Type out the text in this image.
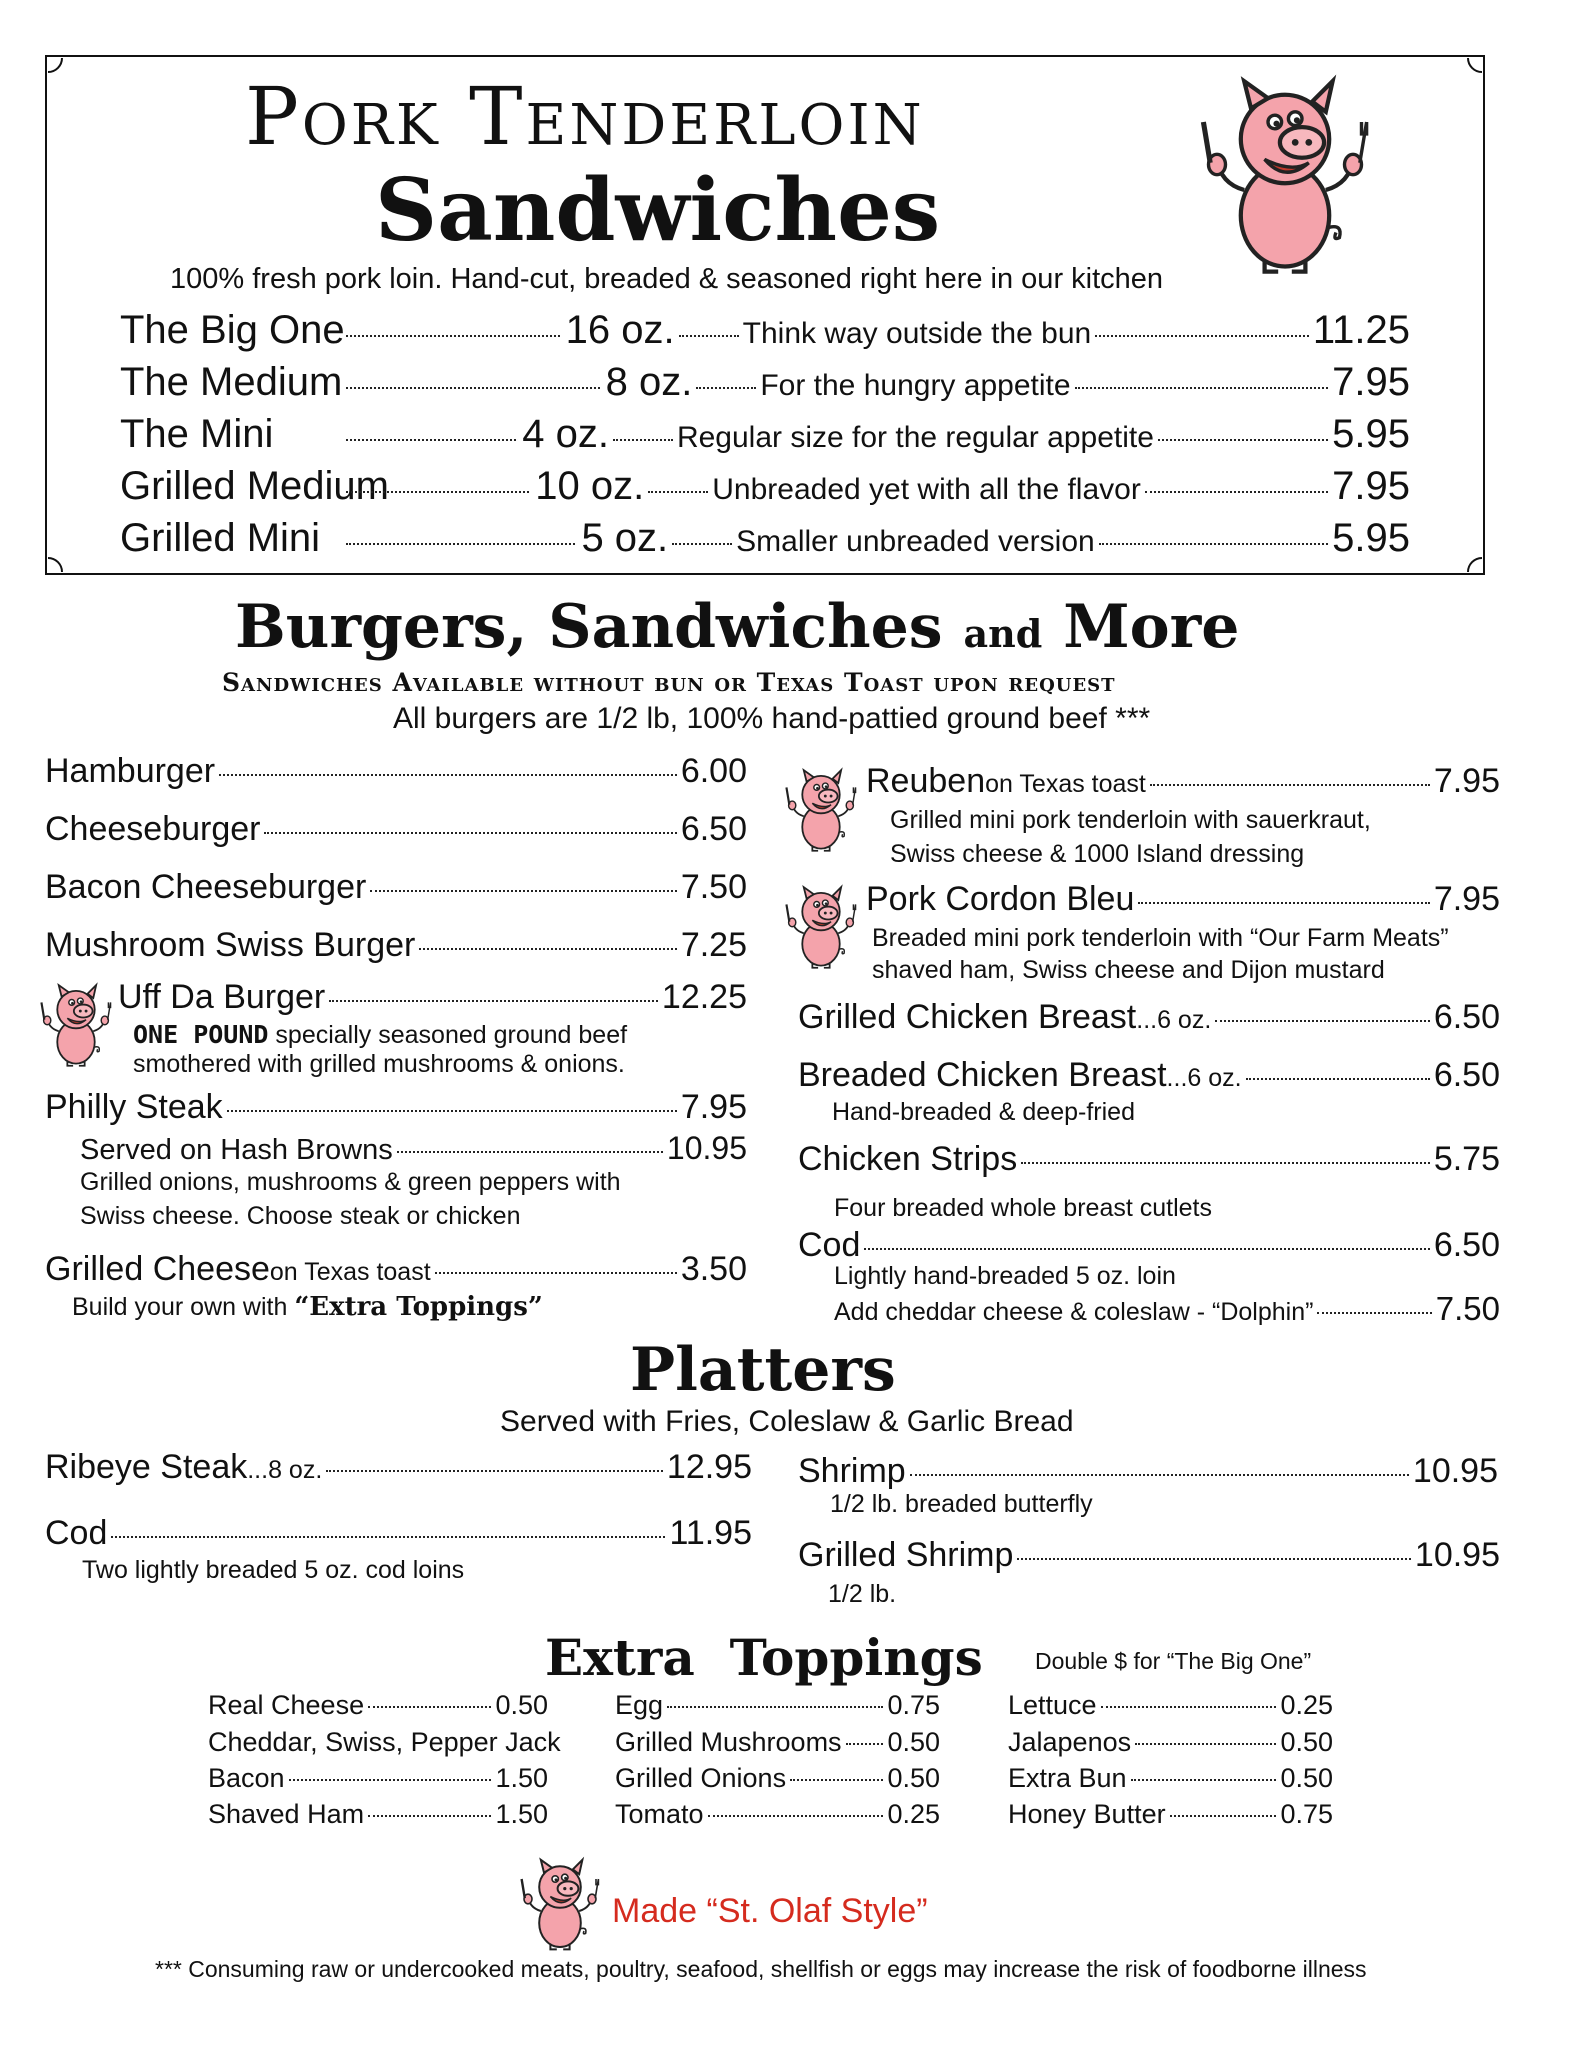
Pork Tenderloin
Sandwiches
100% fresh pork loin. Hand-cut, breaded & seasoned right here in our kitchen
The Big One	16 oz. Think way outside the bun	11.25
The Medium	8 oz. For the hungry appetite	7.95
The Mini	4 oz. Regular size for the regular appetite	5.95
Grilled Medium	10 oz. Unbreaded yet with all the flavor	7.95
Grilled Mini	5 oz. Smaller unbreaded version	5.95
Burgers, Sandwiches and More
Sandwiches Available without bun or Texas Toast upon request
All burgers are 1/2 lb, 100% hand-pattied ground beef ***
Hamburger	6.00
Cheeseburger	6.50
Bacon Cheeseburger	7.50
Mushroom Swiss Burger	7.25
Uff Da Burger	12.25
ONE POUND specially seasoned ground beef
smothered with grilled mushrooms & onions.
Philly Steak	7.95
Served on Hash Browns	10.95
Grilled onions, mushrooms & green peppers with
Swiss cheese. Choose steak or chicken
Grilled Cheese on Texas toast	3.50
Build your own with “Extra Toppings”
Reuben on Texas toast	7.95
Grilled mini pork tenderloin with sauerkraut,
Swiss cheese & 1000 Island dressing
Pork Cordon Bleu	7.95
Breaded mini pork tenderloin with “Our Farm Meats”
shaved ham, Swiss cheese and Dijon mustard
Grilled Chicken Breast ...6 oz.	6.50
Breaded Chicken Breast ...6 oz.	6.50
Hand-breaded & deep-fried
Chicken Strips	5.75
Four breaded whole breast cutlets
Cod	6.50
Lightly hand-breaded 5 oz. loin
Add cheddar cheese & coleslaw - “Dolphin”	7.50
Platters
Served with Fries, Coleslaw & Garlic Bread
Ribeye Steak ...8 oz.	12.95
Cod	11.95
Two lightly breaded 5 oz. cod loins
Shrimp	10.95
1/2 lb. breaded butterfly
Grilled Shrimp	10.95
1/2 lb.
Extra  Toppings Double $ for “The Big One”
Real Cheese	0.50
Cheddar, Swiss, Pepper Jack
Bacon	1.50
Shaved Ham	1.50
Egg	0.75
Grilled Mushrooms 0.50
Grilled Onions	0.50
Tomato	0.25
Lettuce	0.25
Jalapenos	0.50
Extra Bun	0.50
Honey Butter	0.75
Made “St. Olaf Style”
*** Consuming raw or undercooked meats, poultry, seafood, shellfish or eggs may increase the risk of foodborne illness
